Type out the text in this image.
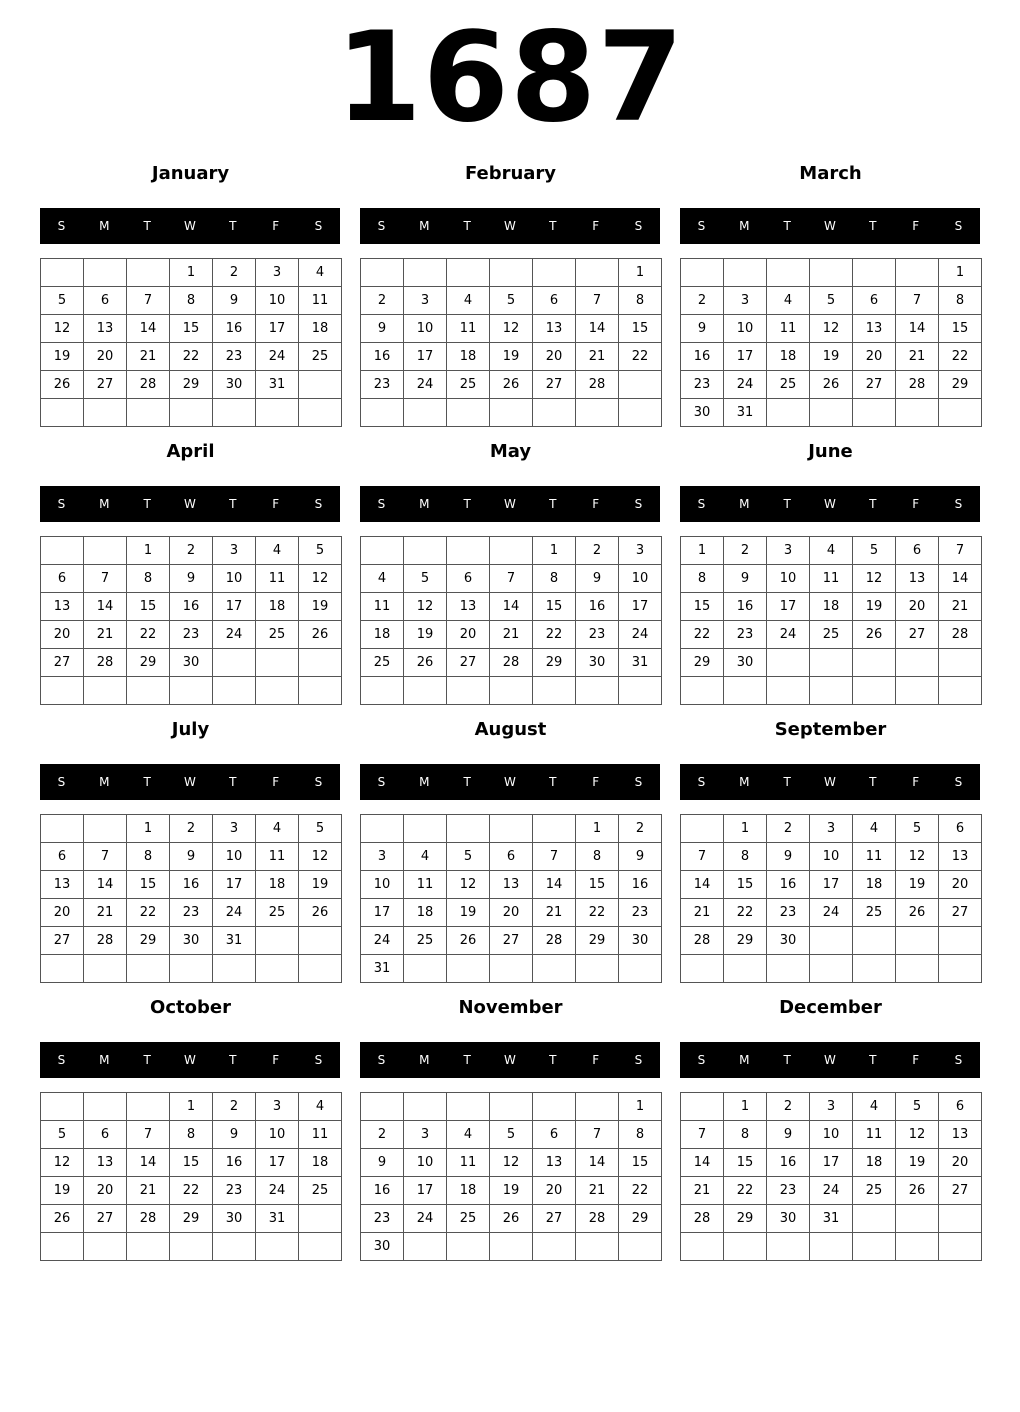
1687
January
S	M	T	W	T	F	S
			1	2	3	4
5	6	7	8	9	10	11
12	13	14	15	16	17	18
19	20	21	22	23	24	25
26	27	28	29	30	31	

February
S	M	T	W	T	F	S
						1
2	3	4	5	6	7	8
9	10	11	12	13	14	15
16	17	18	19	20	21	22
23	24	25	26	27	28	

March
S	M	T	W	T	F	S
						1
2	3	4	5	6	7	8
9	10	11	12	13	14	15
16	17	18	19	20	21	22
23	24	25	26	27	28	29
30	31					
April
S	M	T	W	T	F	S
		1	2	3	4	5
6	7	8	9	10	11	12
13	14	15	16	17	18	19
20	21	22	23	24	25	26
27	28	29	30			

May
S	M	T	W	T	F	S
				1	2	3
4	5	6	7	8	9	10
11	12	13	14	15	16	17
18	19	20	21	22	23	24
25	26	27	28	29	30	31

June
S	M	T	W	T	F	S
1	2	3	4	5	6	7
8	9	10	11	12	13	14
15	16	17	18	19	20	21
22	23	24	25	26	27	28
29	30					

July
S	M	T	W	T	F	S
		1	2	3	4	5
6	7	8	9	10	11	12
13	14	15	16	17	18	19
20	21	22	23	24	25	26
27	28	29	30	31		

August
S	M	T	W	T	F	S
					1	2
3	4	5	6	7	8	9
10	11	12	13	14	15	16
17	18	19	20	21	22	23
24	25	26	27	28	29	30
31						
September
S	M	T	W	T	F	S
	1	2	3	4	5	6
7	8	9	10	11	12	13
14	15	16	17	18	19	20
21	22	23	24	25	26	27
28	29	30				

October
S	M	T	W	T	F	S
			1	2	3	4
5	6	7	8	9	10	11
12	13	14	15	16	17	18
19	20	21	22	23	24	25
26	27	28	29	30	31	

November
S	M	T	W	T	F	S
						1
2	3	4	5	6	7	8
9	10	11	12	13	14	15
16	17	18	19	20	21	22
23	24	25	26	27	28	29
30						
December
S	M	T	W	T	F	S
	1	2	3	4	5	6
7	8	9	10	11	12	13
14	15	16	17	18	19	20
21	22	23	24	25	26	27
28	29	30	31			
